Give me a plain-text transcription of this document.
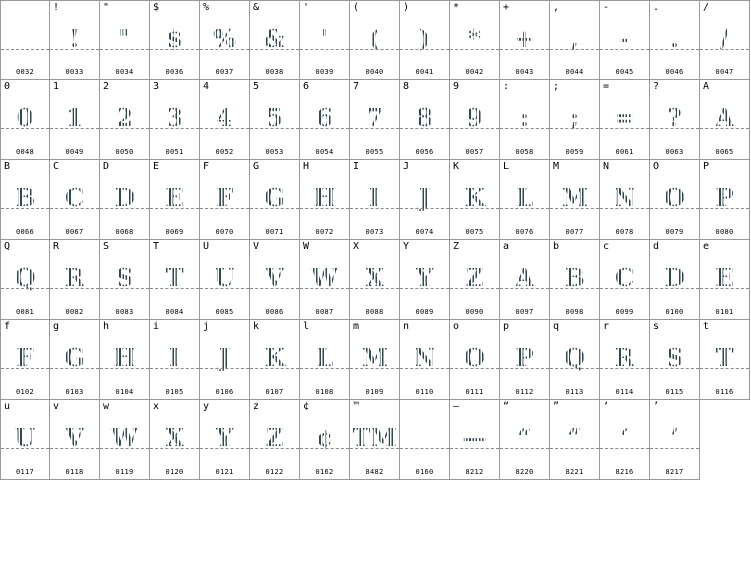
0032
!
!
0033
"
"
0034
$
$
0036
%
%
0037
&
&
0038
'
'
0039
(
(
0040
)
)
0041
*
*
0042
+
+
0043
,
,
0044
-
-
0045
.
.
0046
/
/
0047
0
0
0048
1
1
0049
2
2
0050
3
3
0051
4
4
0052
5
5
0053
6
6
0054
7
7
0055
8
8
0056
9
9
0057
:
:
0058
;
;
0059
=
=
0061
?
?
0063
A
A
0065
B
B
0066
C
C
0067
D
D
0068
E
E
0069
F
F
0070
G
G
0071
H
H
0072
I
I
0073
J
J
0074
K
K
0075
L
L
0076
M
M
0077
N
N
0078
O
O
0079
P
P
0080
Q
Q
0081
R
R
0082
S
S
0083
T
T
0084
U
U
0085
V
V
0086
W
W
0087
X
X
0088
Y
Y
0089
Z
Z
0090
a
A
0097
b
B
0098
c
C
0099
d
D
0100
e
E
0101
f
F
0102
g
G
0103
h
H
0104
i
I
0105
j
J
0106
k
K
0107
l
L
0108
m
M
0109
n
N
0110
o
O
0111
p
P
0112
q
Q
0113
r
R
0114
s
S
0115
t
T
0116
u
U
0117
v
V
0118
w
W
0119
x
X
0120
y
Y
0121
z
Z
0122
¢
¢
0162
™
TM
8482	0160
—
—
8212
“
“
8220
”
”
8221
‘
‘
8216
’
’
8217
